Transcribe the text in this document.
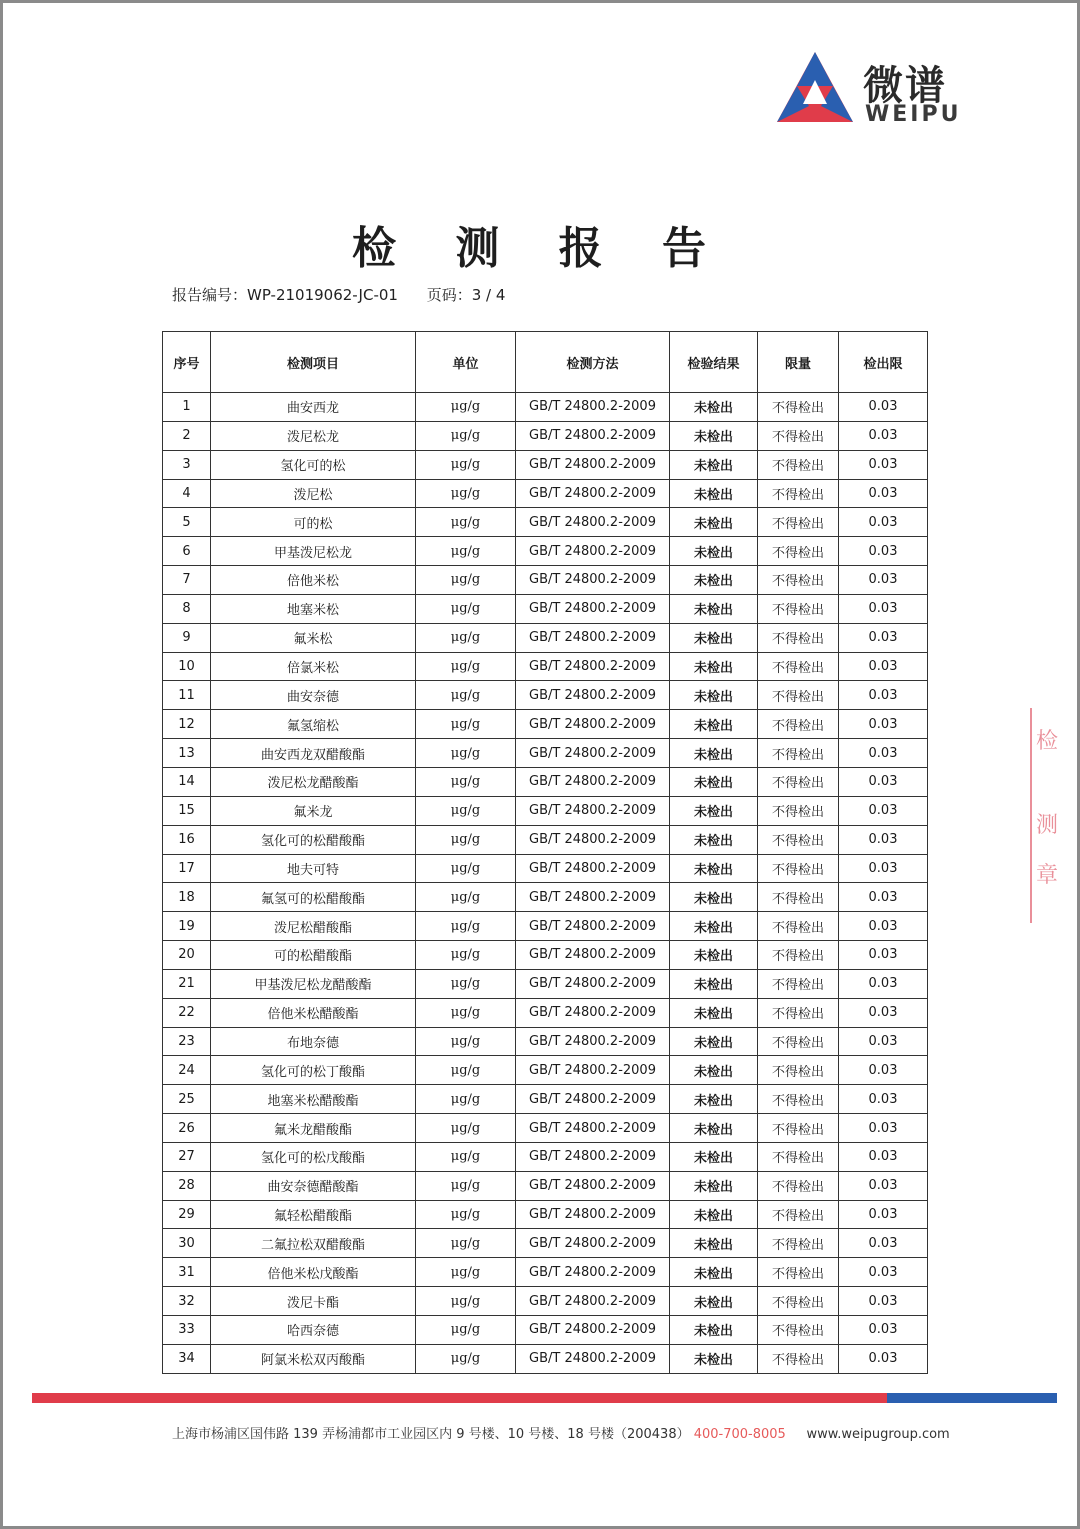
微谱
WEIPU
检 测 报 告
报告编号：WP-21019062-JC-01 页码：3 / 4
序号	检测项目	单位	检测方法	检验结果	限量	检出限
1	曲安西龙	μg/g	GB/T 24800.2-2009	未检出	不得检出	0.03
2	泼尼松龙	μg/g	GB/T 24800.2-2009	未检出	不得检出	0.03
3	氢化可的松	μg/g	GB/T 24800.2-2009	未检出	不得检出	0.03
4	泼尼松	μg/g	GB/T 24800.2-2009	未检出	不得检出	0.03
5	可的松	μg/g	GB/T 24800.2-2009	未检出	不得检出	0.03
6	甲基泼尼松龙	μg/g	GB/T 24800.2-2009	未检出	不得检出	0.03
7	倍他米松	μg/g	GB/T 24800.2-2009	未检出	不得检出	0.03
8	地塞米松	μg/g	GB/T 24800.2-2009	未检出	不得检出	0.03
9	氟米松	μg/g	GB/T 24800.2-2009	未检出	不得检出	0.03
10	倍氯米松	μg/g	GB/T 24800.2-2009	未检出	不得检出	0.03
11	曲安奈德	μg/g	GB/T 24800.2-2009	未检出	不得检出	0.03
12	氟氢缩松	μg/g	GB/T 24800.2-2009	未检出	不得检出	0.03
13	曲安西龙双醋酸酯	μg/g	GB/T 24800.2-2009	未检出	不得检出	0.03
14	泼尼松龙醋酸酯	μg/g	GB/T 24800.2-2009	未检出	不得检出	0.03
15	氟米龙	μg/g	GB/T 24800.2-2009	未检出	不得检出	0.03
16	氢化可的松醋酸酯	μg/g	GB/T 24800.2-2009	未检出	不得检出	0.03
17	地夫可特	μg/g	GB/T 24800.2-2009	未检出	不得检出	0.03
18	氟氢可的松醋酸酯	μg/g	GB/T 24800.2-2009	未检出	不得检出	0.03
19	泼尼松醋酸酯	μg/g	GB/T 24800.2-2009	未检出	不得检出	0.03
20	可的松醋酸酯	μg/g	GB/T 24800.2-2009	未检出	不得检出	0.03
21	甲基泼尼松龙醋酸酯	μg/g	GB/T 24800.2-2009	未检出	不得检出	0.03
22	倍他米松醋酸酯	μg/g	GB/T 24800.2-2009	未检出	不得检出	0.03
23	布地奈德	μg/g	GB/T 24800.2-2009	未检出	不得检出	0.03
24	氢化可的松丁酸酯	μg/g	GB/T 24800.2-2009	未检出	不得检出	0.03
25	地塞米松醋酸酯	μg/g	GB/T 24800.2-2009	未检出	不得检出	0.03
26	氟米龙醋酸酯	μg/g	GB/T 24800.2-2009	未检出	不得检出	0.03
27	氢化可的松戊酸酯	μg/g	GB/T 24800.2-2009	未检出	不得检出	0.03
28	曲安奈德醋酸酯	μg/g	GB/T 24800.2-2009	未检出	不得检出	0.03
29	氟轻松醋酸酯	μg/g	GB/T 24800.2-2009	未检出	不得检出	0.03
30	二氟拉松双醋酸酯	μg/g	GB/T 24800.2-2009	未检出	不得检出	0.03
31	倍他米松戊酸酯	μg/g	GB/T 24800.2-2009	未检出	不得检出	0.03
32	泼尼卡酯	μg/g	GB/T 24800.2-2009	未检出	不得检出	0.03
33	哈西奈德	μg/g	GB/T 24800.2-2009	未检出	不得检出	0.03
34	阿氯米松双丙酸酯	μg/g	GB/T 24800.2-2009	未检出	不得检出	0.03
检
测
章
上海市杨浦区国伟路 139 弄杨浦都市工业园区内 9 号楼、10 号楼、18 号楼（200438） 400-700-8005 www.weipugroup.com
